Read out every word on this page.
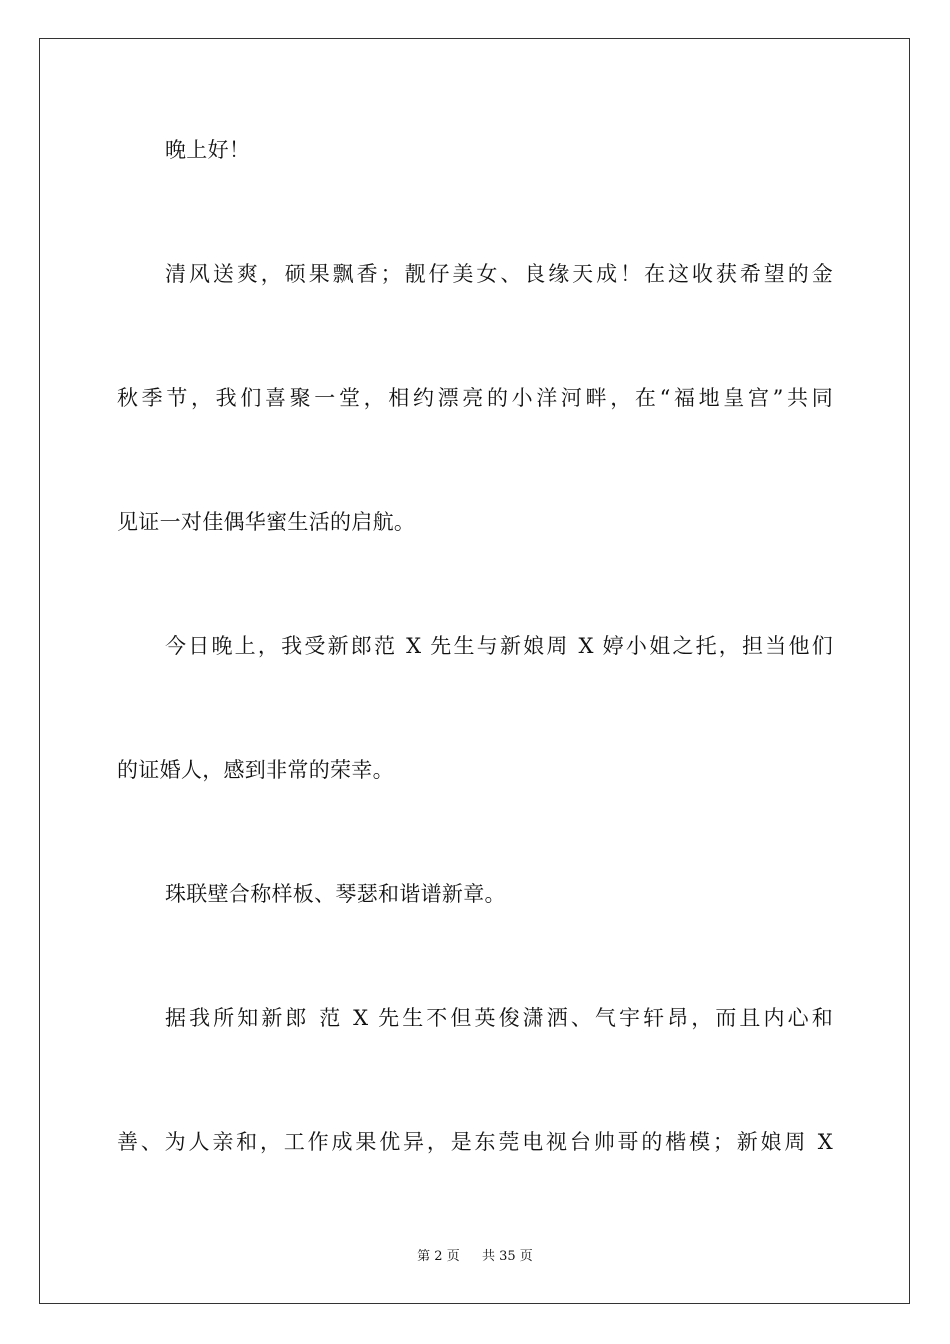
晚上好！
清风送爽，硕果飘香；靓仔美女、良缘天成！在这收获希望的金
秋季节，我们喜聚一堂，相约漂亮的小洋河畔，在“福地皇宫”共同
见证一对佳偶华蜜生活的启航。
今日晚上，我受新郎范 X 先生与新娘周 X 婷小姐之托，担当他们
的证婚人，感到非常的荣幸。
珠联壁合称样板、琴瑟和谐谱新章。
据我所知新郎 范 X 先生不但英俊潇洒、气宇轩昂，而且内心和
善、为人亲和，工作成果优异，是东莞电视台帅哥的楷模；新娘周 X
第 2 页 共 35 页
